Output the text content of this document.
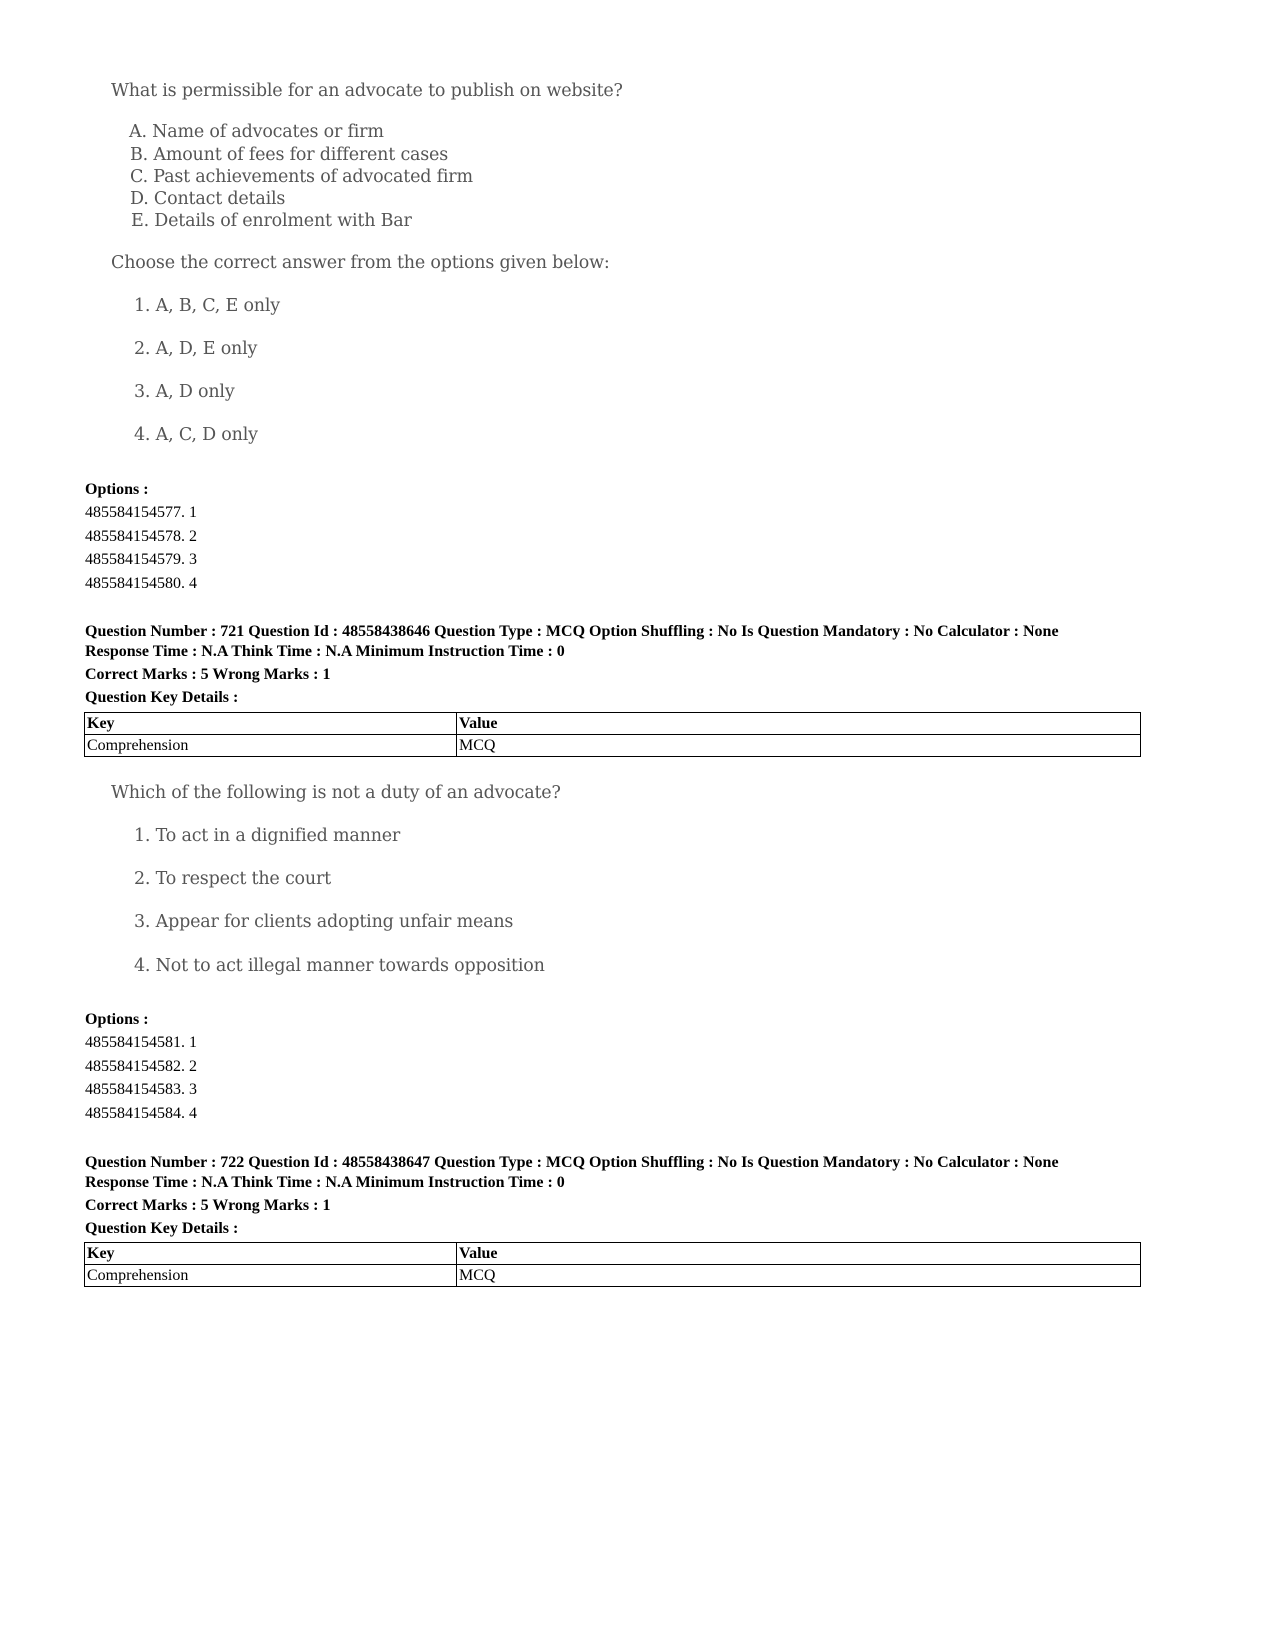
What is permissible for an advocate to publish on website?
A. Name of advocates or firm
B. Amount of fees for different cases
C. Past achievements of advocated firm
D. Contact details
E. Details of enrolment with Bar
Choose the correct answer from the options given below:
1. A, B, C, E only
2. A, D, E only
3. A, D only
4. A, C, D only
Options :
485584154577. 1
485584154578. 2
485584154579. 3
485584154580. 4
Question Number : 721 Question Id : 48558438646 Question Type : MCQ Option Shuffling : No Is Question Mandatory : No Calculator : None
Response Time : N.A Think Time : N.A Minimum Instruction Time : 0
Correct Marks : 5 Wrong Marks : 1
Question Key Details :
Key	Value
Comprehension	MCQ
Which of the following is not a duty of an advocate?
1. To act in a dignified manner
2. To respect the court
3. Appear for clients adopting unfair means
4. Not to act illegal manner towards opposition
Options :
485584154581. 1
485584154582. 2
485584154583. 3
485584154584. 4
Question Number : 722 Question Id : 48558438647 Question Type : MCQ Option Shuffling : No Is Question Mandatory : No Calculator : None
Response Time : N.A Think Time : N.A Minimum Instruction Time : 0
Correct Marks : 5 Wrong Marks : 1
Question Key Details :
Key	Value
Comprehension	MCQ
